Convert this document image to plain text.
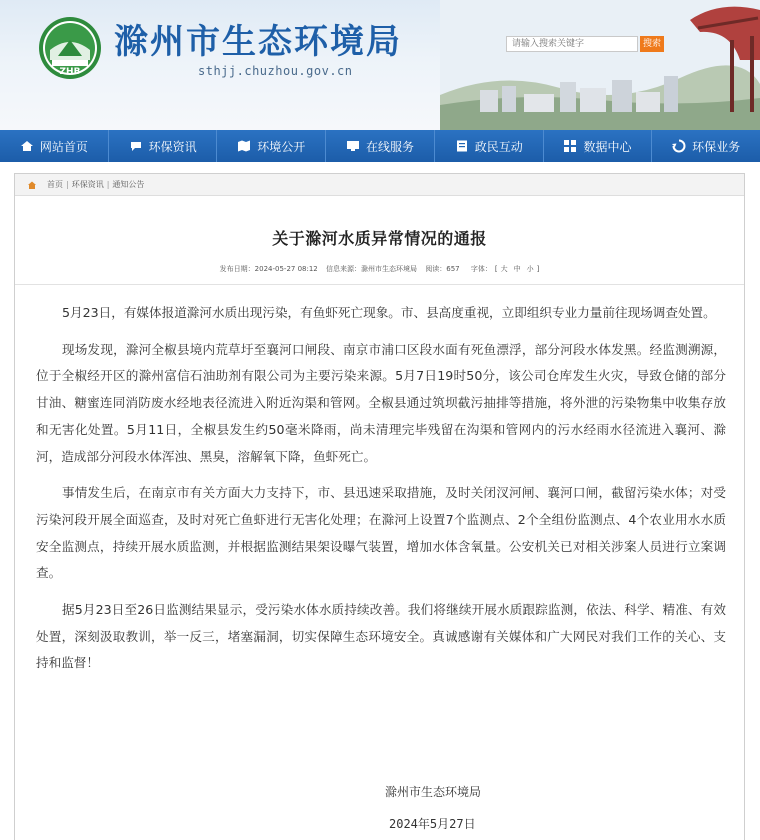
ZHB
滁州市生态环境局
sthjj.chuzhou.gov.cn
请输入搜索关键字
搜索
网站首页	环保资讯	环境公开	在线服务	政民互动	数据中心	环保业务
首页 | 环保资讯 | 通知公告
关于滁河水质异常情况的通报
发布日期：2024-05-27 08:12 信息来源：滁州市生态环境局 阅读：657 字体： [ 大 中 小 ]

5月23日，有媒体报道滁河水质出现污染，有鱼虾死亡现象。市、县高度重视，立即组织专业力量前往现场调查处置。

现场发现，滁河全椒县境内荒草圩至襄河口闸段、南京市浦口区段水面有死鱼漂浮，部分河段水体发黑。经监测溯源，位于全椒经开区的滁州富信石油助剂有限公司为主要污染来源。5月7日19时50分，该公司仓库发生火灾，导致仓储的部分甘油、糖蜜连同消防废水经地表径流进入附近沟渠和管网。全椒县通过筑坝截污抽排等措施，将外泄的污染物集中收集存放和无害化处置。5月11日，全椒县发生约50毫米降雨，尚未清理完毕残留在沟渠和管网内的污水经雨水径流进入襄河、滁河，造成部分河段水体浑浊、黑臭，溶解氧下降，鱼虾死亡。

事情发生后，在南京市有关方面大力支持下，市、县迅速采取措施，及时关闭汊河闸、襄河口闸，截留污染水体；对受污染河段开展全面巡查，及时对死亡鱼虾进行无害化处理；在滁河上设置7个监测点、2个全组份监测点、4个农业用水水质安全监测点，持续开展水质监测，并根据监测结果架设曝气装置，增加水体含氧量。公安机关已对相关涉案人员进行立案调查。

据5月23日至26日监测结果显示，受污染水体水质持续改善。我们将继续开展水质跟踪监测，依法、科学、精准、有效处置，深刻汲取教训，举一反三，堵塞漏洞，切实保障生态环境安全。真诚感谢有关媒体和广大网民对我们工作的关心、支持和监督！

滁州市生态环境局
2024年5月27日
